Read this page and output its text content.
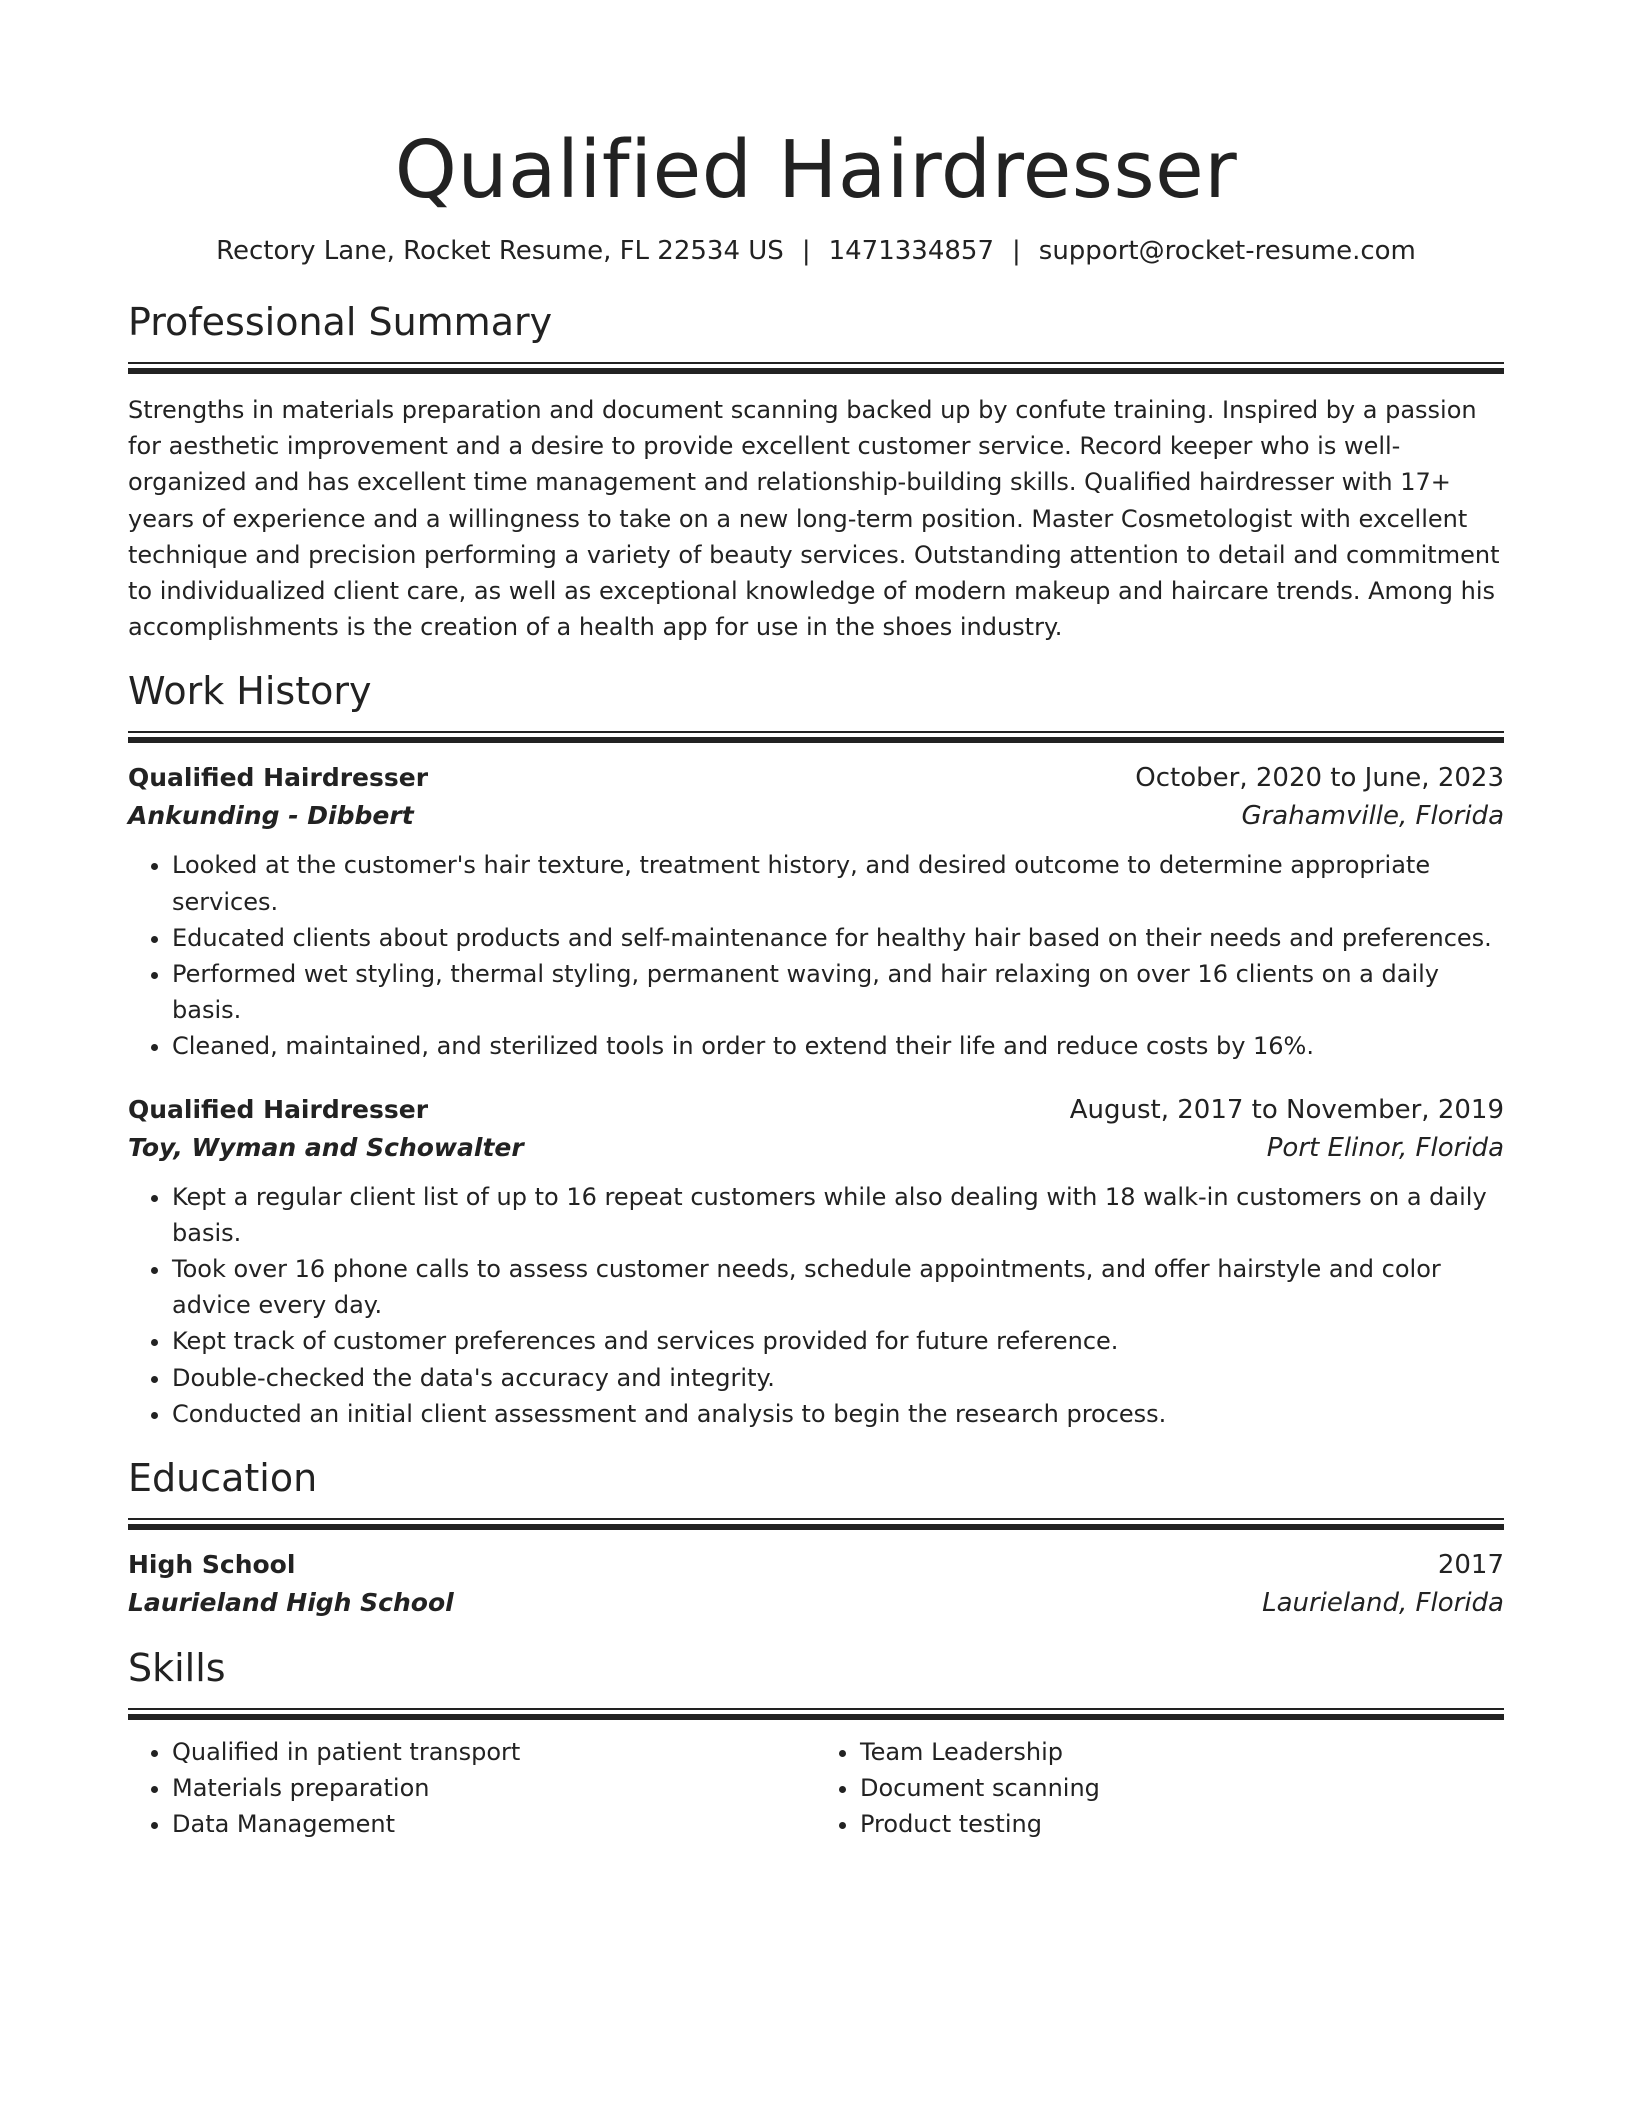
Qualified Hairdresser
Rectory Lane, Rocket Resume, FL 22534 US | 1471334857 | support@rocket-resume.com
Professional Summary

Strengths in materials preparation and document scanning backed up by confute training. Inspired by a passion for aesthetic improvement and a desire to provide excellent customer service. Record keeper who is well-organized and has excellent time management and relationship-building skills. Qualified hairdresser with 17+ years of experience and a willingness to take on a new long-term position. Master Cosmetologist with excellent technique and precision performing a variety of beauty services. Outstanding attention to detail and commitment to individualized client care, as well as exceptional knowledge of modern makeup and haircare trends. Among his accomplishments is the creation of a health app for use in the shoes industry.

Work History
Qualified Hairdresser	October, 2020 to June, 2023
Ankunding - Dibbert	Grahamville, Florida
• Looked at the customer's hair texture, treatment history, and desired outcome to determine appropriate services.
• Educated clients about products and self-maintenance for healthy hair based on their needs and preferences.
• Performed wet styling, thermal styling, permanent waving, and hair relaxing on over 16 clients on a daily basis.
• Cleaned, maintained, and sterilized tools in order to extend their life and reduce costs by 16%.
Qualified Hairdresser	August, 2017 to November, 2019
Toy, Wyman and Schowalter	Port Elinor, Florida
• Kept a regular client list of up to 16 repeat customers while also dealing with 18 walk-in customers on a daily basis.
• Took over 16 phone calls to assess customer needs, schedule appointments, and offer hairstyle and color advice every day.
• Kept track of customer preferences and services provided for future reference.
• Double-checked the data's accuracy and integrity.
• Conducted an initial client assessment and analysis to begin the research process.
Education
High School	2017
Laurieland High School	Laurieland, Florida
Skills
• Qualified in patient transport
• Materials preparation
• Data Management
• Team Leadership
• Document scanning
• Product testing
